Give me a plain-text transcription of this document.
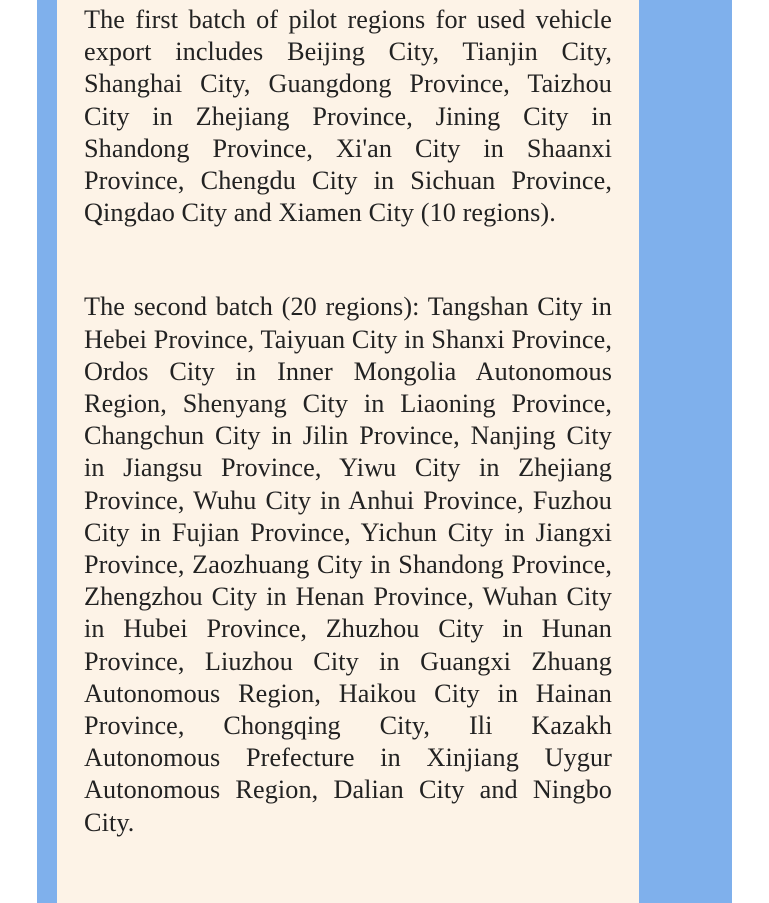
The first batch of pilot regions for used vehicle export includes Beijing City, Tianjin City, Shanghai City, Guangdong Province, Taizhou City in Zhejiang Province, Jining City in Shandong Province, Xi'an City in Shaanxi Province, Chengdu City in Sichuan Province, Qingdao City and Xiamen City (10 regions).

The second batch (20 regions): Tangshan City in Hebei Province, Taiyuan City in Shanxi Province, Ordos City in Inner Mongolia Autonomous Region, Shenyang City in Liaoning Province, Changchun City in Jilin Province, Nanjing City in Jiangsu Province, Yiwu City in Zhejiang Province, Wuhu City in Anhui Province, Fuzhou City in Fujian Province, Yichun City in Jiangxi Province, Zaozhuang City in Shandong Province, Zhengzhou City in Henan Province, Wuhan City in Hubei Province, Zhuzhou City in Hunan Province, Liuzhou City in Guangxi Zhuang Autonomous Region, Haikou City in Hainan Province, Chongqing City, Ili Kazakh Autonomous Prefecture in Xinjiang Uygur Autonomous Region, Dalian City and Ningbo City.
